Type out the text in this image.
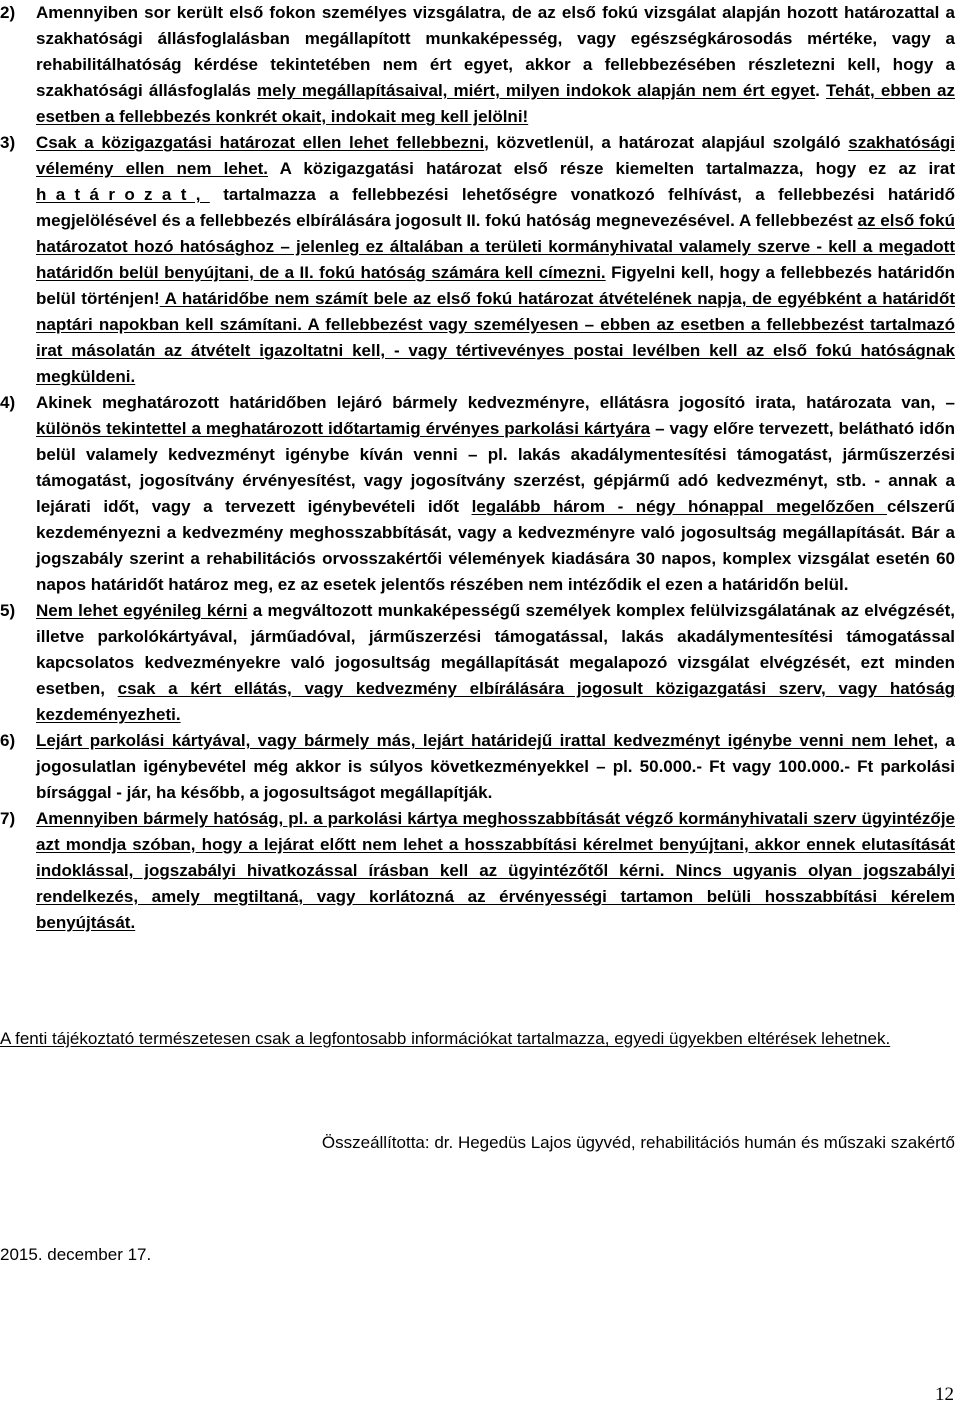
2)	Amennyiben sor került első fokon személyes vizsgálatra, de az első fokú vizsgálat alapján hozott határozattal a szakhatósági állásfoglalásban megállapított munkaképesség, vagy egészségkárosodás mértéke, vagy a rehabilitálhatóság kérdése tekintetében nem ért egyet, akkor a fellebbezésében részletezni kell, hogy a szakhatósági állásfoglalás mely megállapításaival, miért, milyen indokok alapján nem ért egyet. Tehát, ebben az esetben a fellebbezés konkrét okait, indokait meg kell jelölni!
3)	Csak a közigazgatási határozat ellen lehet fellebbezni, közvetlenül, a határozat alapjául szolgáló szakhatósági vélemény ellen nem lehet. A közigazgatási határozat első része kiemelten tartalmazza, hogy ez az irat határozat, tartalmazza a fellebbezési lehetőségre vonatkozó felhívást, a fellebbezési határidő megjelölésével és a fellebbezés elbírálására jogosult II. fokú hatóság megnevezésével. A fellebbezést az első fokú határozatot hozó hatósághoz – jelenleg ez általában a területi kormányhivatal valamely szerve - kell a megadott határidőn belül benyújtani, de a II. fokú hatóság számára kell címezni. Figyelni kell, hogy a fellebbezés határidőn belül történjen! A határidőbe nem számít bele az első fokú határozat átvételének napja, de egyébként a határidőt naptári napokban kell számítani. A fellebbezést vagy személyesen – ebben az esetben a fellebbezést tartalmazó irat másolatán az átvételt igazoltatni kell, - vagy tértivevényes postai levélben kell az első fokú hatóságnak megküldeni.
4)	Akinek meghatározott határidőben lejáró bármely kedvezményre, ellátásra jogosító irata, határozata van, – különös tekintettel a meghatározott időtartamig érvényes parkolási kártyára – vagy előre tervezett, belátható időn belül valamely kedvezményt igénybe kíván venni – pl. lakás akadálymentesítési támogatást, járműszerzési támogatást, jogosítvány érvényesítést, vagy jogosítvány szerzést, gépjármű adó kedvezményt, stb. - annak a lejárati időt, vagy a tervezett igénybevételi időt legalább három - négy hónappal megelőzően célszerű kezdeményezni a kedvezmény meghosszabbítását, vagy a kedvezményre való jogosultság megállapítását. Bár a jogszabály szerint a rehabilitációs orvosszakértői vélemények kiadására 30 napos, komplex vizsgálat esetén 60 napos határidőt határoz meg, ez az esetek jelentős részében nem intéződik el ezen a határidőn belül.
5)	Nem lehet egyénileg kérni a megváltozott munkaképességű személyek komplex felülvizsgálatának az elvégzését, illetve parkolókártyával, járműadóval, járműszerzési támogatással, lakás akadálymentesítési támogatással kapcsolatos kedvezményekre való jogosultság megállapítását megalapozó vizsgálat elvégzését, ezt minden esetben, csak a kért ellátás, vagy kedvezmény elbírálására jogosult közigazgatási szerv, vagy hatóság kezdeményezheti.
6)	Lejárt parkolási kártyával, vagy bármely más, lejárt határidejű irattal kedvezményt igénybe venni nem lehet, a jogosulatlan igénybevétel még akkor is súlyos következményekkel – pl. 50.000.- Ft vagy 100.000.- Ft parkolási bírsággal - jár, ha később, a jogosultságot megállapítják.
7)	Amennyiben bármely hatóság, pl. a parkolási kártya meghosszabbítását végző kormányhivatali szerv ügyintézője azt mondja szóban, hogy a lejárat előtt nem lehet a hosszabbítási kérelmet benyújtani, akkor ennek elutasítását indoklással, jogszabályi hivatkozással írásban kell az ügyintézőtől kérni. Nincs ugyanis olyan jogszabályi rendelkezés, amely megtiltaná, vagy korlátozná az érvényességi tartamon belüli hosszabbítási kérelem benyújtását.
A fenti tájékoztató természetesen csak a legfontosabb információkat tartalmazza, egyedi ügyekben eltérések lehetnek.
Összeállította: dr. Hegedüs Lajos ügyvéd, rehabilitációs humán és műszaki szakértő
2015. december 17.
12
